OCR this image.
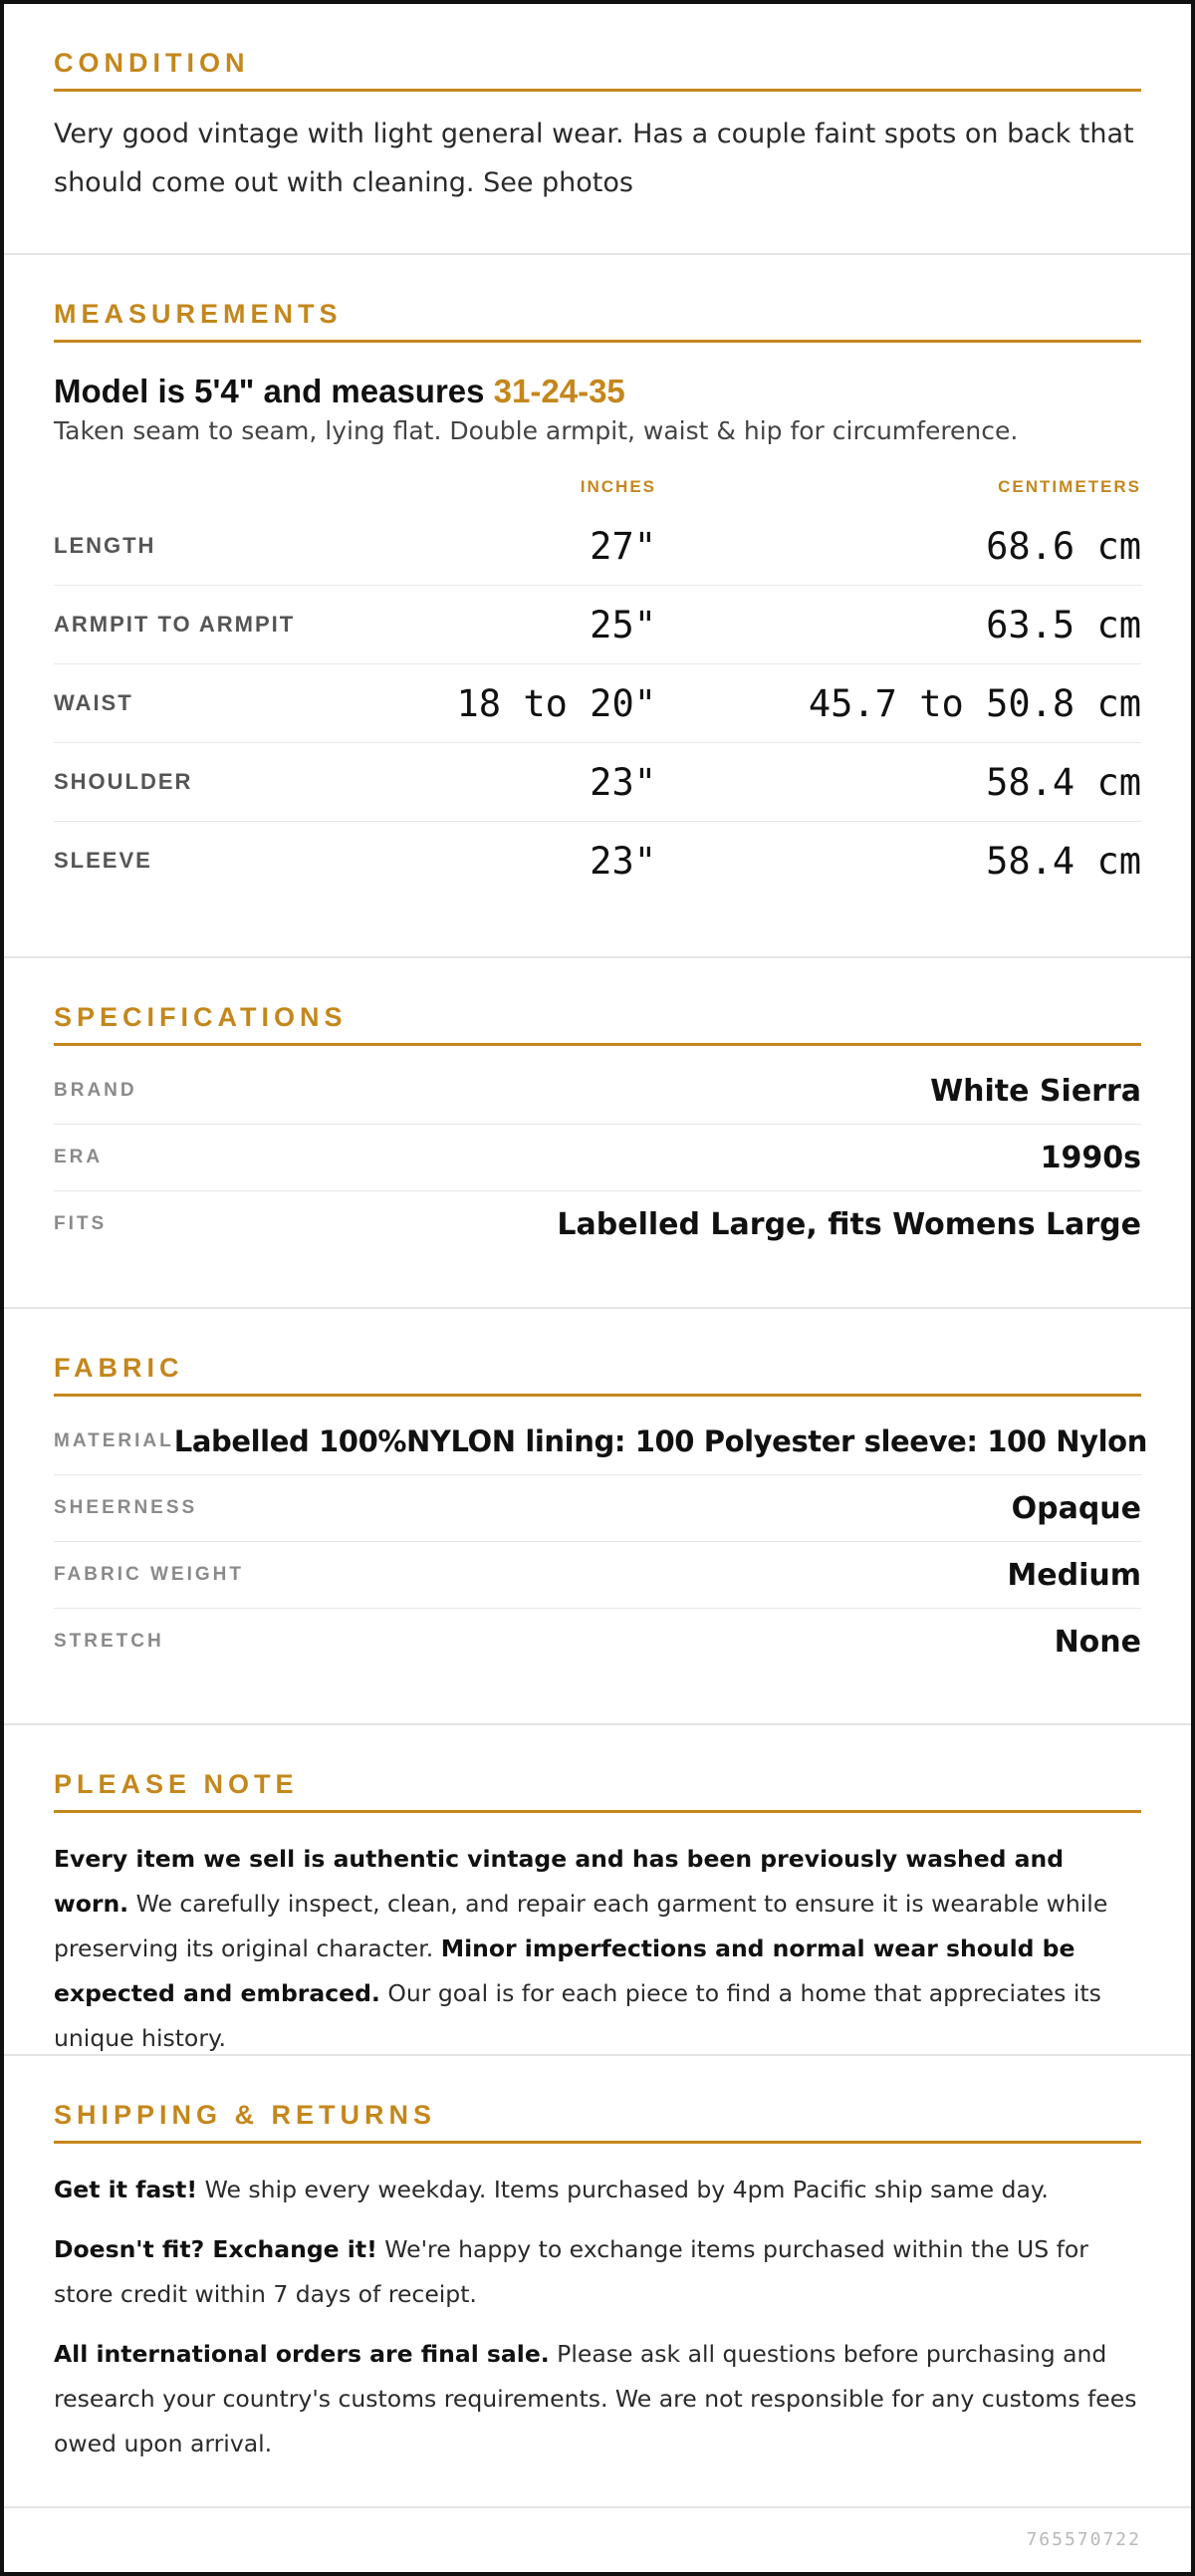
CONDITION

Very good vintage with light general wear. Has a couple faint spots on back that should come out with cleaning. See photos

MEASUREMENTS

Model is 5'4" and measures 31-24-35

Taken seam to seam, lying flat. Double armpit, waist & hip for circumference.

INCHES	CENTIMETERS
LENGTH	27"	68.6 cm
ARMPIT TO ARMPIT	25"	63.5 cm
WAIST	18 to 20"	45.7 to 50.8 cm
SHOULDER	23"	58.4 cm
SLEEVE	23"	58.4 cm
SPECIFICATIONS
BRAND	White Sierra
ERA	1990s
FITS	Labelled Large, fits Womens Large
FABRIC
MATERIAL Labelled 100%NYLON lining: 100 Polyester sleeve: 100 Nylon
SHEERNESS	Opaque
FABRIC WEIGHT	Medium
STRETCH	None
PLEASE NOTE

Every item we sell is authentic vintage and has been previously washed and worn. We carefully inspect, clean, and repair each garment to ensure it is wearable while preserving its original character. Minor imperfections and normal wear should be expected and embraced. Our goal is for each piece to find a home that appreciates its unique history.

SHIPPING & RETURNS

Get it fast! We ship every weekday. Items purchased by 4pm Pacific ship same day.

Doesn't fit? Exchange it! We're happy to exchange items purchased within the US for store credit within 7 days of receipt.

All international orders are final sale. Please ask all questions before purchasing and research your country's customs requirements. We are not responsible for any customs fees owed upon arrival.

765570722
